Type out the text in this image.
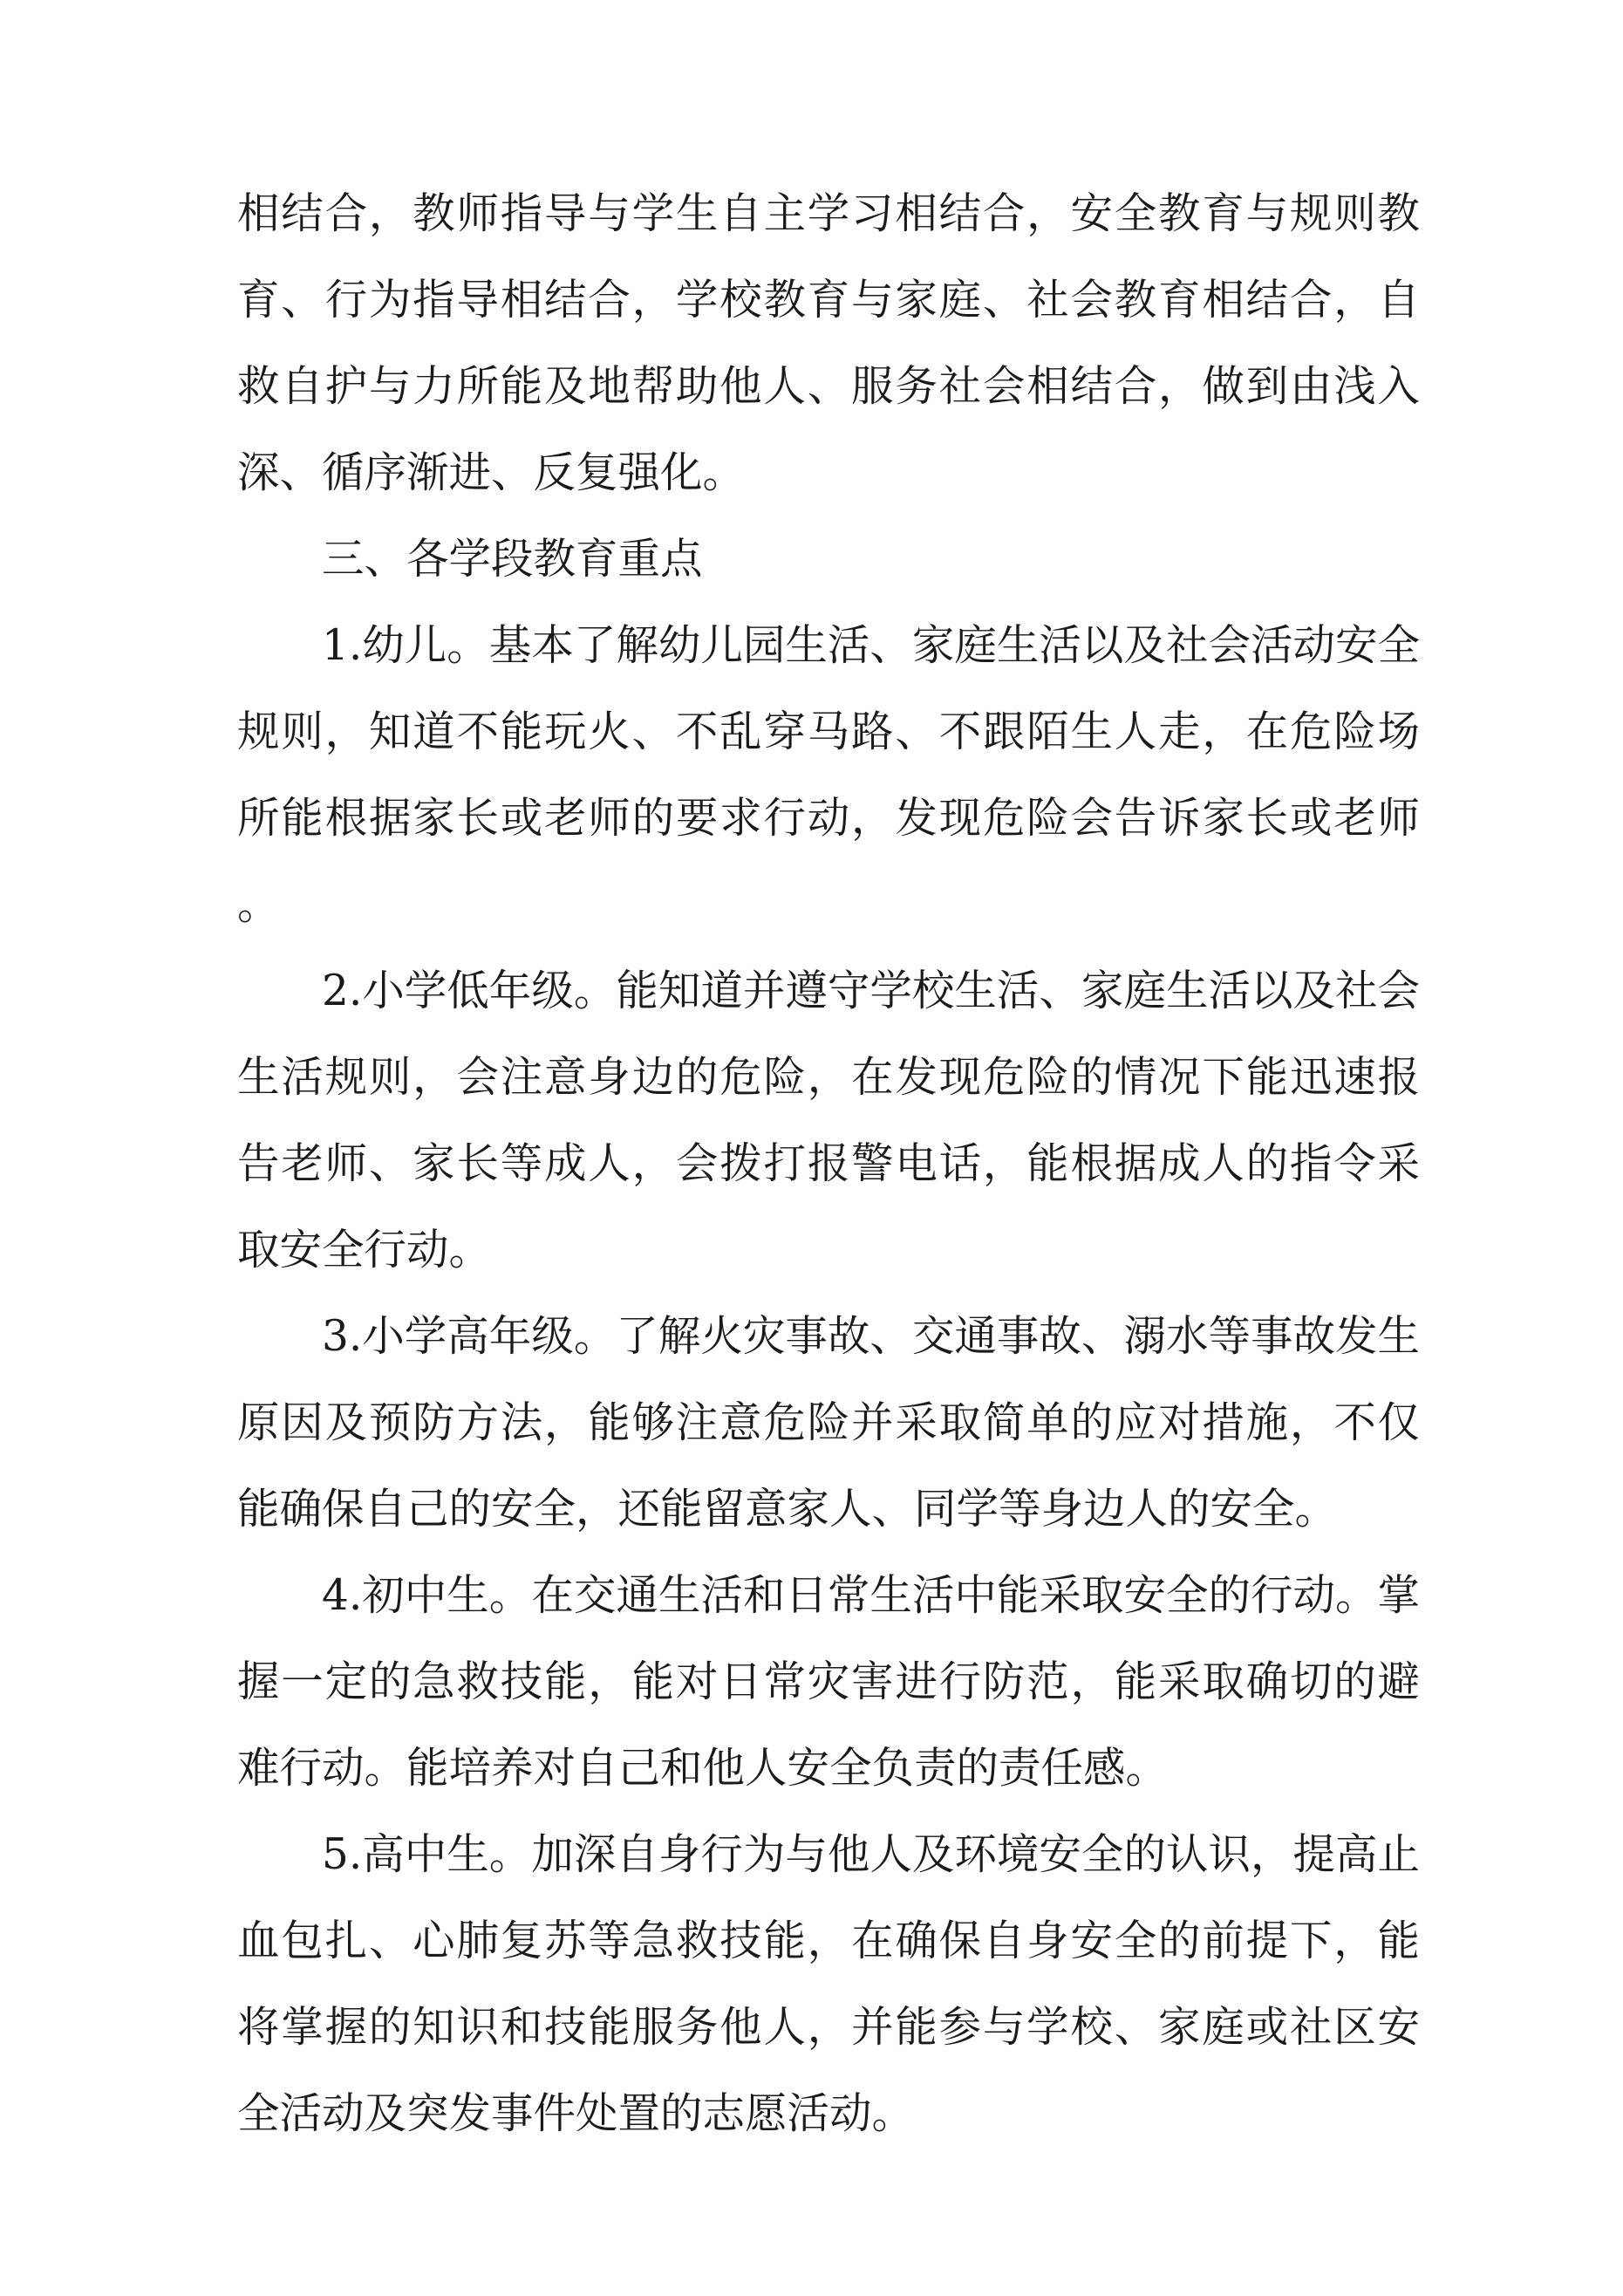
相结合，教师指导与学生自主学习相结合，安全教育与规则教育、行为指导相结合，学校教育与家庭、社会教育相结合，自救自护与力所能及地帮助他人、服务社会相结合，做到由浅入深、循序渐进、反复强化。

三、各学段教育重点

1.幼儿。基本了解幼儿园生活、家庭生活以及社会活动安全规则，知道不能玩火、不乱穿马路、不跟陌生人走，在危险场所能根据家长或老师的要求行动，发现危险会告诉家长或老师。

2.小学低年级。能知道并遵守学校生活、家庭生活以及社会生活规则，会注意身边的危险，在发现危险的情况下能迅速报告老师、家长等成人，会拨打报警电话，能根据成人的指令采取安全行动。

3.小学高年级。了解火灾事故、交通事故、溺水等事故发生原因及预防方法，能够注意危险并采取简单的应对措施，不仅能确保自己的安全，还能留意家人、同学等身边人的安全。

4.初中生。在交通生活和日常生活中能采取安全的行动。掌握一定的急救技能，能对日常灾害进行防范，能采取确切的避难行动。能培养对自己和他人安全负责的责任感。

5.高中生。加深自身行为与他人及环境安全的认识，提高止血包扎、心肺复苏等急救技能，在确保自身安全的前提下，能将掌握的知识和技能服务他人，并能参与学校、家庭或社区安全活动及突发事件处置的志愿活动。
